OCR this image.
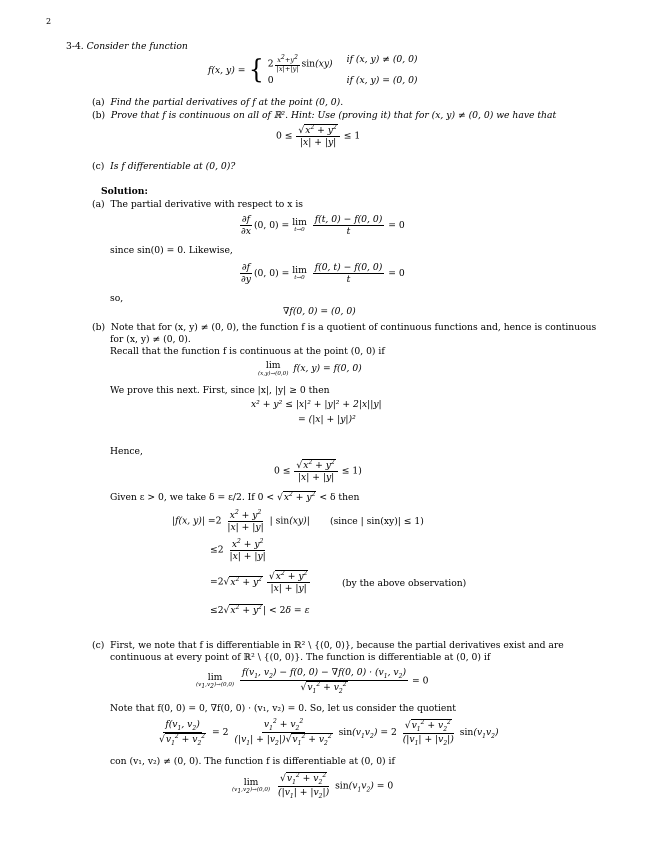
2
3-4. Consider the function
f(x, y) = { $2 \frac{x^2+y^2}{|x|+|y|} \sin(xy)$ if (x, y) ≠ (0, 0)
0	if (x, y) = (0, 0)
(a) Find the partial derivatives of f at the point (0, 0).
(b) Prove that f is continuous on all of ℝ². Hint: Use (proving it) that for (x, y) ≠ (0, 0) we have that
$0 \le \frac{√x^2 + y^2}{|x| + |y|} \le 1$
(c) Is f differentiable at (0, 0)?
Solution:
(a) The partial derivative with respect to x is
$\frac{\partial f}{\partial x} (0$, 0) = lim
t→0
$\frac{f(t, 0) - f(0, 0)}{t} = 0$
since sin(0) = 0. Likewise,
$\frac{\partial f}{\partial y} (0$, 0) = lim
t→0
$\frac{f(0, t) - f(0, 0)}{t} = 0$
so,
∇f(0, 0) = (0, 0)
(b) Note that for (x, y) ≠ (0, 0), the function f is a quotient of continuous functions and, hence is continuous
for (x, y) ≠ (0, 0).
Recall that the function f is continuous at the point (0, 0) if
lim
(x,y)→(0,0) f(x, y) = f(0, 0)
We prove this next. First, since |x|, |y| ≥ 0 then
x² + y² ≤ |x|² + |y|² + 2|x||y|
= (|x| + |y|)²
Hence,
$0 \le \frac{√x^2 + y^2}{|x| + |y|} \le 1$)
Given ε > 0, we take δ = ε/2. If $0 < √x^2 + y^2 < \delta$ then
|f(x, $y)| =2 \frac{x^2 + y^2}{|x| + |y|}$ | sin(xy)| (since | sin(xy)| ≤ 1)
$\le 2 \frac{x^2 + y^2}{|x| + |y|}$
$=2√x^2 + y^2 \frac{√x^2 + y^2}{|x| + |y|}$	(by the above observation)
$\le 2√x^2 + y^2| < 2\delta = \varepsilon$
(c) First, we note that f is differentiable in ℝ² \ {(0, 0)}, because the partial derivatives exist and are
continuous at every point of ℝ² \ {(0, 0)}. The function is differentiable at (0, 0) if
lim
$(v_1,v_2)\to(0,0)$
$\frac{f(v_1, v_2) - f(0, 0) - \nabla f(0, 0) \cdot (v_1, v_2)}{√v_1^2 + v_2^2} = 0$
Note that f(0, 0) = 0, ∇f(0, 0) · (v₁, v₂) = 0. So, let us consider the quotient
$\frac{f(v_1, v_2)}{√v_1^2 + v_2^2} = 2 \frac{v_1^2 + v_2^2}{(|v_1| + |v_2|)√v_1^2 + v_2^2} \sin(v_1v_2) = 2 \frac{√v_1^2 + v_2^2}{(|v_1| + |v_2|)} \sin(v_1v_2)$
con (v₁, v₂) ≠ (0, 0). The function f is differentiable at (0, 0) if
lim
$(v_1,v_2)\to(0,0)$
$\frac{√v_1^2 + v_2^2}{(|v_1| + |v_2|)} \sin(v_1v_2) = 0$
